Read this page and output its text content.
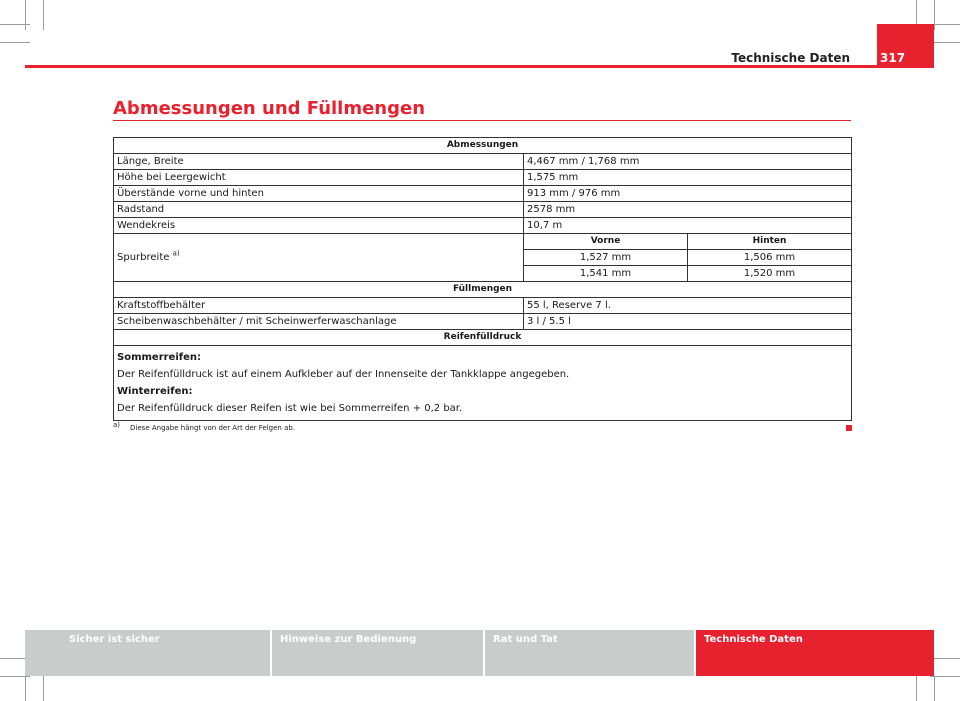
Technische Daten	317
Abmessungen und Füllmengen
Abmessungen		
Länge, Breite	4,467 mm / 1,768 mm	
Höhe bei Leergewicht	1,575 mm	
Überstände vorne und hinten	913 mm / 976 mm	
Radstand	2578 mm	
Wendekreis	10,7 m	
Spurbreite $^{a)}$	Vorne	Hinten
	1,527 mm	1,506 mm
	1,541 mm	1,520 mm
Füllmengen		
Kraftstoffbehälter	55 l, Reserve 7 l.	
Scheibenwaschbehälter / mit Scheinwerferwaschanlage	3 l / 5.5 l	
Reifenfülldruck		

Sommerreifen:
Der Reifenfülldruck ist auf einem Aufkleber auf der Innenseite der Tankklappe angegeben.
Winterreifen:
Der Reifenfülldruck dieser Reifen ist wie bei Sommerreifen + 0,2 bar.		
$^{a)}$ Diese Angabe hängt von der Art der Felgen ab.
Sicher ist sicher	Hinweise zur Bedienung	Rat und Tat	Technische Daten
